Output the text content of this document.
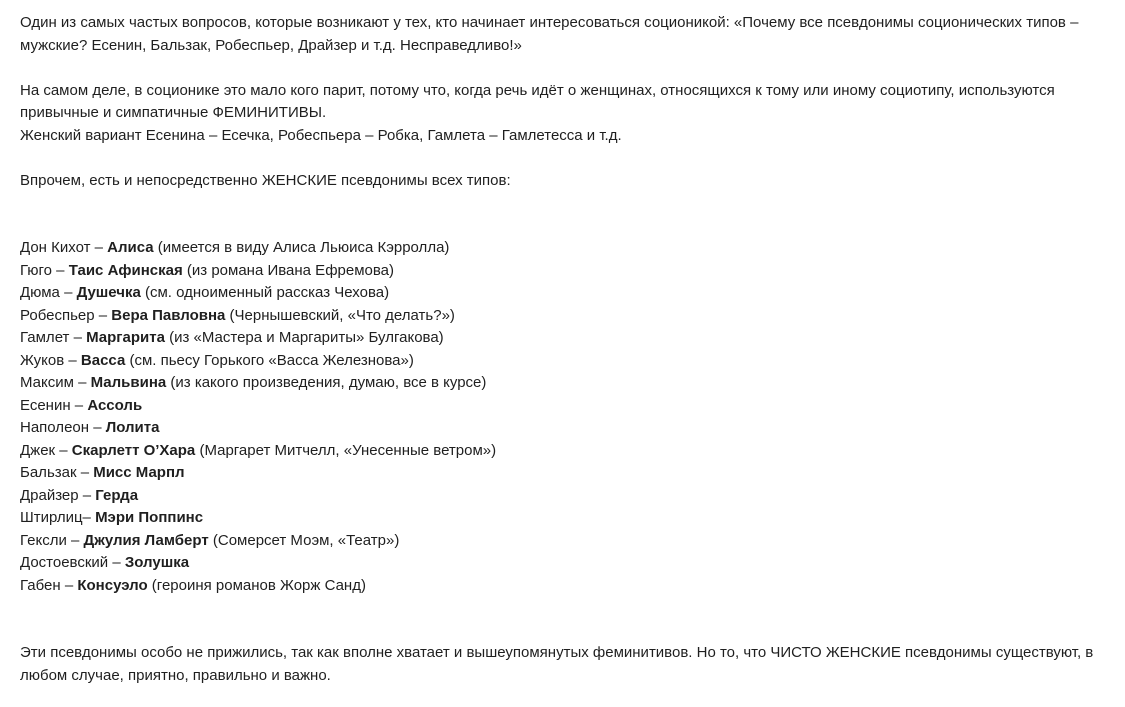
Один из самых частых вопросов, которые возникают у тех, кто начинает интересоваться соционикой: «Почему все псевдонимы соционических типов – мужские? Есенин, Бальзак, Робеспьер, Драйзер и т.д. Несправедливо!»

На самом деле, в соционике это мало кого парит, потому что, когда речь идёт о женщинах, относящихся к тому или иному социотипу, используются привычные и симпатичные ФЕМИНИТИВЫ.

Женский вариант Есенина – Есечка, Робеспьера – Робка, Гамлета – Гамлетесса и т.д.

Впрочем, есть и непосредственно ЖЕНСКИЕ псевдонимы всех типов:

Дон Кихот – Алиса (имеется в виду Алиса Льюиса Кэрролла)
Гюго – Таис Афинская (из романа Ивана Ефремова)
Дюма – Душечка (см. одноименный рассказ Чехова)
Робеспьер – Вера Павловна (Чернышевский, «Что делать?»)
Гамлет – Маргарита (из «Мастера и Маргариты» Булгакова)
Жуков – Васса (см. пьесу Горького «Васса Железнова»)
Максим – Мальвина (из какого произведения, думаю, все в курсе)
Есенин – Ассоль
Наполеон – Лолита
Джек – Скарлетт О’Хара (Маргарет Митчелл, «Унесенные ветром»)
Бальзак – Мисс Марпл
Драйзер – Герда
Штирлиц– Мэри Поппинс
Гексли – Джулия Ламберт (Сомерсет Моэм, «Театр»)
Достоевский – Золушка
Габен – Консуэло (героиня романов Жорж Санд)

Эти псевдонимы особо не прижились, так как вполне хватает и вышеупомянутых феминитивов. Но то, что ЧИСТО ЖЕНСКИЕ псевдонимы существуют, в любом случае, приятно, правильно и важно.
